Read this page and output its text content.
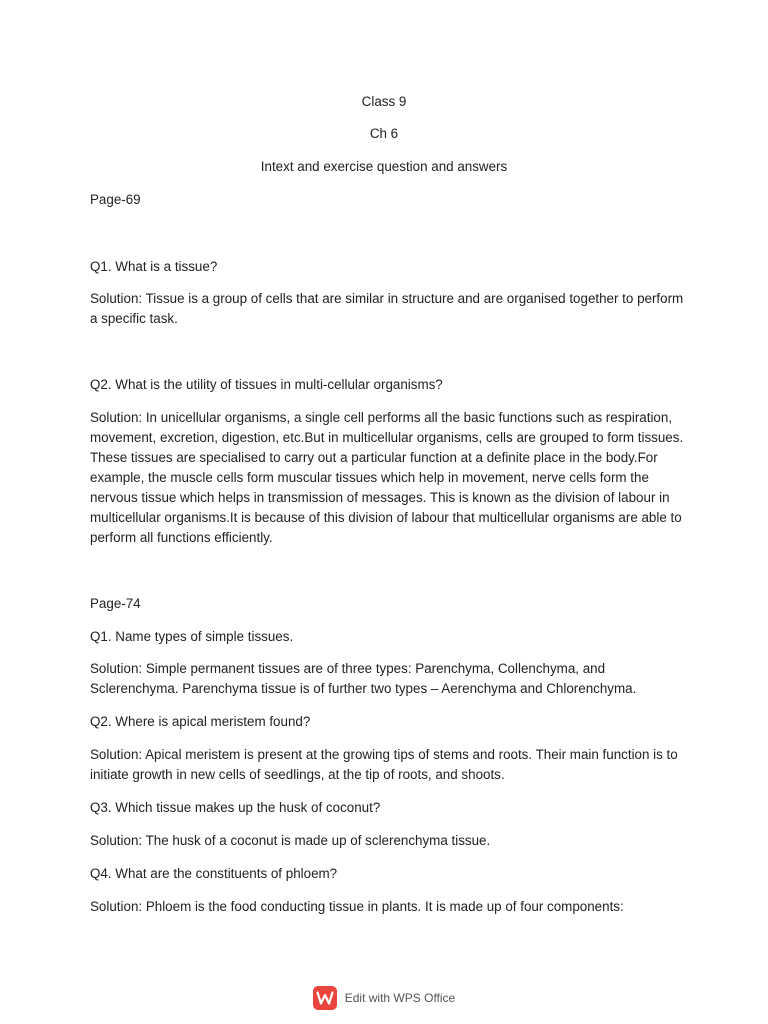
Class 9
Ch 6
Intext and exercise question and answers
Page-69
Q1. What is a tissue?
Solution: Tissue is a group of cells that are similar in structure and are organised together to perform a specific task.
Q2. What is the utility of tissues in multi-cellular organisms?
Solution: In unicellular organisms, a single cell performs all the basic functions such as respiration, movement, excretion, digestion, etc.But in multicellular organisms, cells are grouped to form tissues. These tissues are specialised to carry out a particular function at a definite place in the body.For example, the muscle cells form muscular tissues which help in movement, nerve cells form the nervous tissue which helps in transmission of messages. This is known as the division of labour in multicellular organisms.It is because of this division of labour that multicellular organisms are able to perform all functions efficiently.
Page-74
Q1. Name types of simple tissues.
Solution: Simple permanent tissues are of three types: Parenchyma, Collenchyma, and Sclerenchyma. Parenchyma tissue is of further two types – Aerenchyma and Chlorenchyma.
Q2. Where is apical meristem found?
Solution: Apical meristem is present at the growing tips of stems and roots. Their main function is to initiate growth in new cells of seedlings, at the tip of roots, and shoots.
Q3. Which tissue makes up the husk of coconut?
Solution: The husk of a coconut is made up of sclerenchyma tissue.
Q4. What are the constituents of phloem?
Solution: Phloem is the food conducting tissue in plants. It is made up of four components:
Edit with WPS Office
